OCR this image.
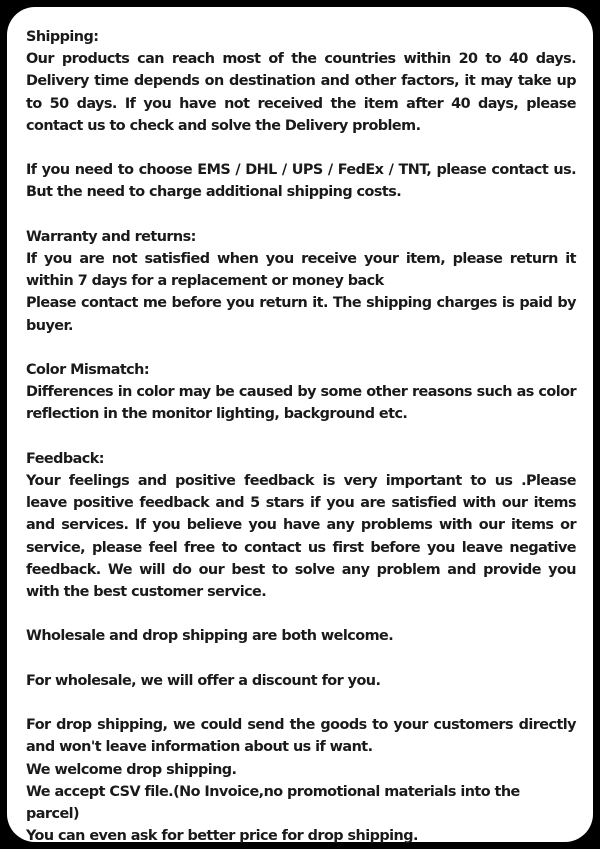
Shipping:
Our products can reach most of the countries within 20 to 40 days. Delivery time depends on destination and other factors, it may take up to 50 days. If you have not received the item after 40 days, please contact us to check and solve the Delivery problem.

If you need to choose EMS / DHL / UPS / FedEx / TNT, please contact us. But the need to charge additional shipping costs.

Warranty and returns:
If you are not satisfied when you receive your item, please return it within 7 days for a replacement or money back
Please contact me before you return it. The shipping charges is paid by buyer.

Color Mismatch:
Differences in color may be caused by some other reasons such as color reflection in the monitor lighting, background etc.

Feedback:
Your feelings and positive feedback is very important to us .Please leave positive feedback and 5 stars if you are satisfied with our items and services. If you believe you have any problems with our items or service, please feel free to contact us first before you leave negative feedback. We will do our best to solve any problem and provide you with the best customer service.

Wholesale and drop shipping are both welcome.

For wholesale, we will offer a discount for you.

For drop shipping, we could send the goods to your customers directly and won't leave information about us if want.
We welcome drop shipping.
We accept CSV file.(No Invoice,no promotional materials into the parcel)
You can even ask for better price for drop shipping.
